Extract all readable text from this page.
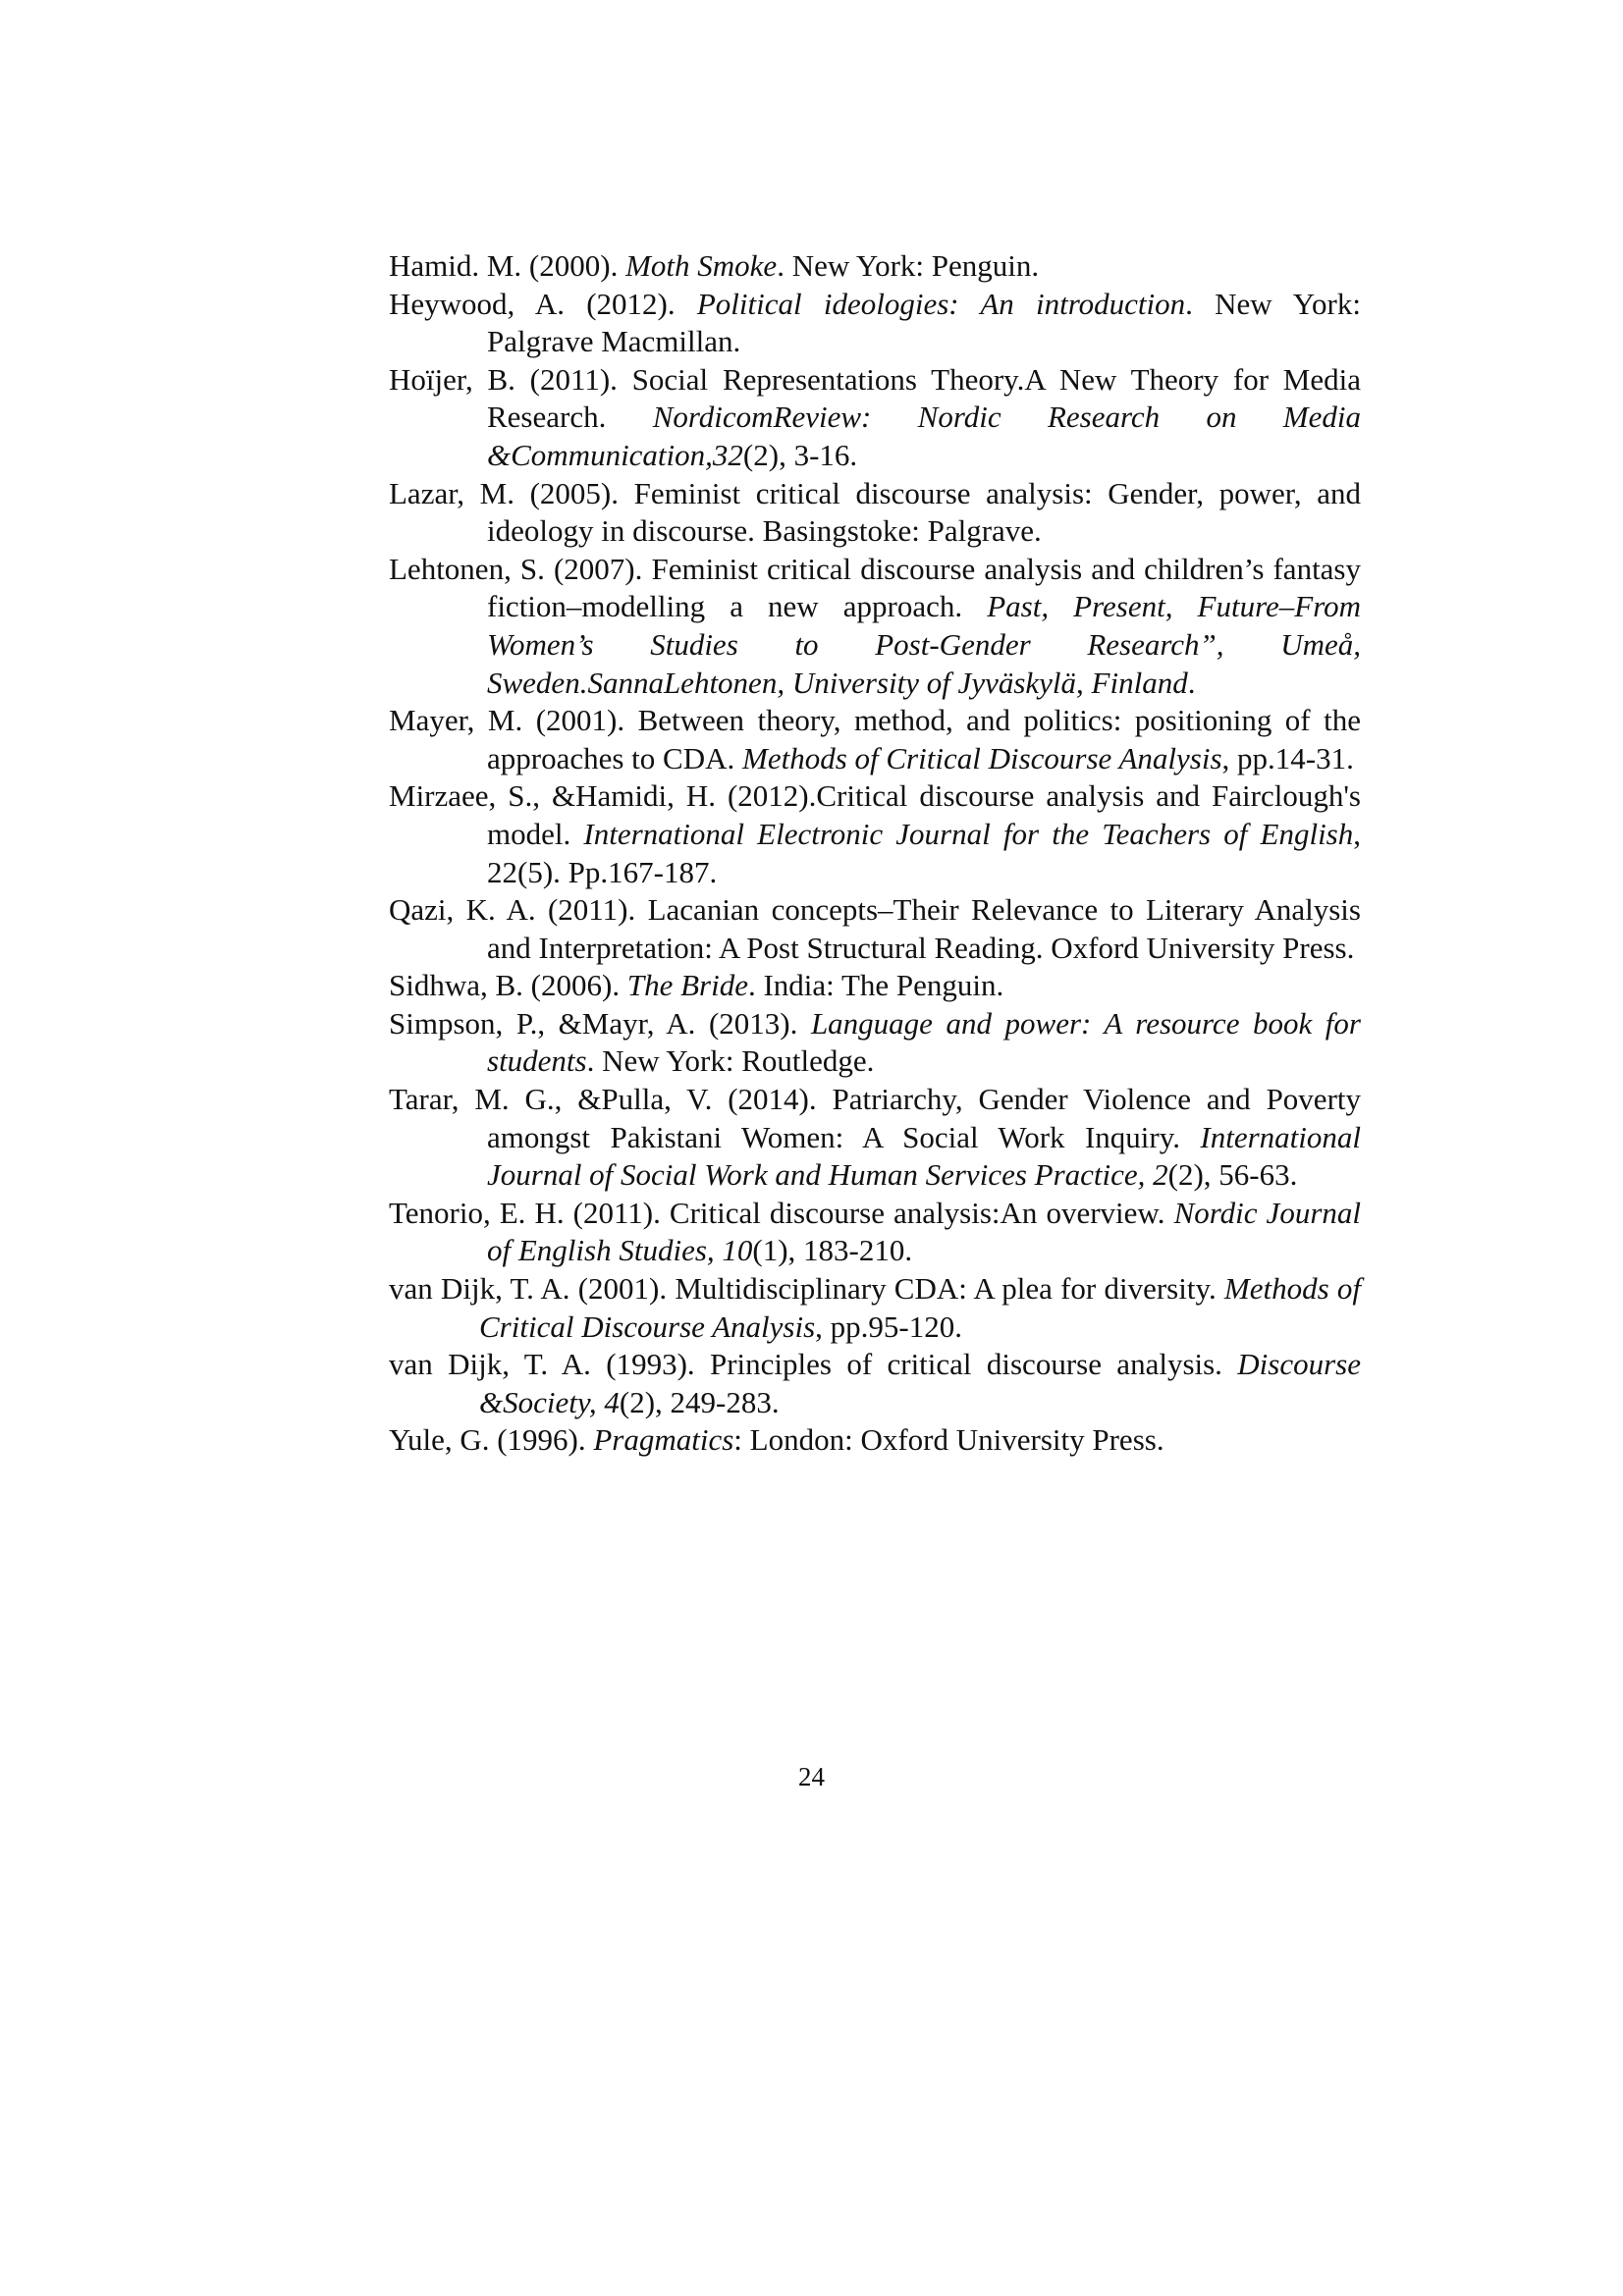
Hamid. M. (2000). Moth Smoke. New York: Penguin.
Heywood, A. (2012). Political ideologies: An introduction. New York: Palgrave Macmillan.
Hoïjer, B. (2011). Social Representations Theory.A New Theory for Media Research. NordicomReview: Nordic Research on Media &Communication,32(2), 3-16.
Lazar, M. (2005). Feminist critical discourse analysis: Gender, power, and ideology in discourse. Basingstoke: Palgrave.
Lehtonen, S. (2007). Feminist critical discourse analysis and children’s fantasy fiction–modelling a new approach. Past, Present, Future–From Women’s Studies to Post-Gender Research”, Umeå, Sweden.SannaLehtonen, University of Jyväskylä, Finland.
Mayer, M. (2001). Between theory, method, and politics: positioning of the approaches to CDA. Methods of Critical Discourse Analysis, pp.14-31.
Mirzaee, S., &Hamidi, H. (2012).Critical discourse analysis and Fairclough's model. International Electronic Journal for the Teachers of English, 22(5). Pp.167-187.
Qazi, K. A. (2011). Lacanian concepts–Their Relevance to Literary Analysis and Interpretation: A Post Structural Reading. Oxford University Press.
Sidhwa, B. (2006). The Bride. India: The Penguin.
Simpson, P., &Mayr, A. (2013). Language and power: A resource book for students. New York: Routledge.
Tarar, M. G., &Pulla, V. (2014). Patriarchy, Gender Violence and Poverty amongst Pakistani Women: A Social Work Inquiry. International Journal of Social Work and Human Services Practice, 2(2), 56-63.
Tenorio, E. H. (2011). Critical discourse analysis:An overview. Nordic Journal of English Studies, 10(1), 183-210.
van Dijk, T. A. (2001). Multidisciplinary CDA: A plea for diversity. Methods of Critical Discourse Analysis, pp.95-120.
van Dijk, T. A. (1993). Principles of critical discourse analysis. Discourse &Society, 4(2), 249-283.
Yule, G. (1996). Pragmatics: London: Oxford University Press.
24
